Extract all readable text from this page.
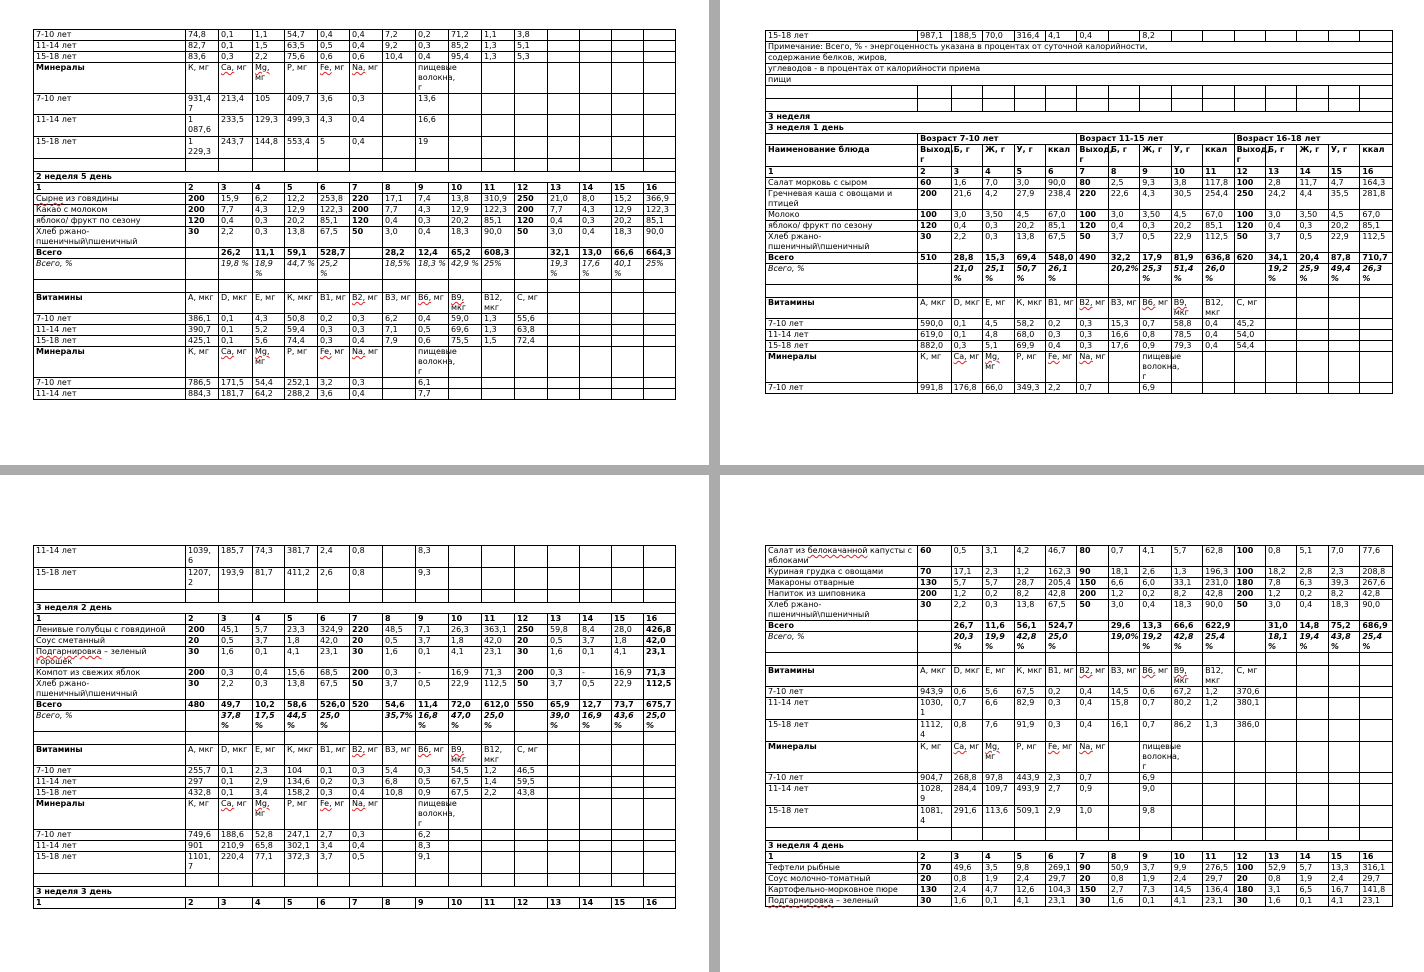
7-10 лет	74,8	0,1	1,1	54,7	0,4	0,4	7,2	0,2	71,2	1,1	3,8				
11-14 лет	82,7	0,1	1,5	63,5	0,5	0,4	9,2	0,3	85,2	1,3	5,1				
15-18 лет	83,6	0,3	2,2	75,6	0,6	0,6	10,4	0,4	95,4	1,3	5,3				
Минералы	К, мг	Са, мг	Mg, мг	Р, мг	Fe, мг	Na, мг		пищевые волокна, г							
7-10 лет	931,4 7	213,4	105	409,7	3,6	0,3		13,6							
11-14 лет	1 087,6	233,5	129,3	499,3	4,3	0,4		16,6							
15-18 лет	1 229,3	243,7	144,8	553,4	5	0,4		19							

2 неделя 5 день															
1	2	3	4	5	6	7	8	9	10	11	12	13	14	15	16
Сырне из говядины	200	15,9	6,2	12,2	253,8	220	17,1	7,4	13,8	310,9	250	21,0	8,0	15,2	366,9
Какао с молоком	200	7,7	4,3	12,9	122,3	200	7,7	4,3	12,9	122,3	200	7,7	4,3	12,9	122,3
яблоко/ фрукт по сезону	120	0,4	0,3	20,2	85,1	120	0,4	0,3	20,2	85,1	120	0,4	0,3	20,2	85,1
Хлеб ржано-пшеничный\пшеничный	30	2,2	0,3	13,8	67,5	50	3,0	0,4	18,3	90,0	50	3,0	0,4	18,3	90,0
Всего		26,2	11,1	59,1	528,7		28,2	12,4	65,2	608,3		32,1	13,0	66,6	664,3
Всего, %		19,8 %	18,9 %	44,7 %	25,2 %		18,5%	18,3 %	42,9 %	25%		19,3 %	17,6 %	40,1 %	25%

Витамины	А, мкг	D, мкг	Е, мг	К, мкг	В1, мг	В2, мг	В3, мг	В6, мг	В9, мкг	В12, мкг	С, мг				
7-10 лет	386,1	0,1	4,3	50,8	0,2	0,3	6,2	0,4	59,0	1,3	55,6				
11-14 лет	390,7	0,1	5,2	59,4	0,3	0,3	7,1	0,5	69,6	1,3	63,8				
15-18 лет	425,1	0,1	5,6	74,4	0,3	0,4	7,9	0,6	75,5	1,5	72,4				
Минералы	К, мг	Са, мг	Mg, мг	Р, мг	Fe, мг	Na, мг		пищевые волокна, г							
7-10 лет	786,5	171,5	54,4	252,1	3,2	0,3		6,1							
11-14 лет	884,3	181,7	64,2	288,2	3,6	0,4		7,7							
15-18 лет	987,1	188,5	70,0	316,4	4,1	0,4		8,2							
Примечание: Всего, % - энергоценность указана в процентах от суточной калорийности,															
содержание белков, жиров,															
углеводов - в процентах от калорийности приема															
пищи															

3 неделя															
3 неделя 1 день															
	Возраст 7-10 лет					Возраст 11-15 лет					Возраст 16-18 лет				
Наименование блюда	Выход, г	Б, г	Ж, г	У, г	ккал	Выход, г	Б, г	Ж, г	У, г	ккал	Выход, г	Б, г	Ж, г	У, г	ккал
1	2	3	4	5	6	7	8	9	10	11	12	13	14	15	16
Салат морковь с сыром	60	1,6	7,0	3,0	90,0	80	2,5	9,3	3,8	117,8	100	2,8	11,7	4,7	164,3
Гречневая каша с овощами и птицей	200	21,6	4,2	27,9	238,4	220	22,6	4,3	30,5	254,4	250	24,2	4,4	35,5	281,8
Молоко	100	3,0	3,50	4,5	67,0	100	3,0	3,50	4,5	67,0	100	3,0	3,50	4,5	67,0
яблоко/ фрукт по сезону	120	0,4	0,3	20,2	85,1	120	0,4	0,3	20,2	85,1	120	0,4	0,3	20,2	85,1
Хлеб ржано-пшеничный\пшеничный	30	2,2	0,3	13,8	67,5	50	3,7	0,5	22,9	112,5	50	3,7	0,5	22,9	112,5
Всего	510	28,8	15,3	69,4	548,0	490	32,2	17,9	81,9	636,8	620	34,1	20,4	87,8	710,7
Всего, %		21,0 %	25,1 %	50,7 %	26,1 %		20,2%	25,3 %	51,4 %	26,0 %		19,2 %	25,9 %	49,4 %	26,3 %

Витамины	А, мкг	D, мкг	Е, мг	К, мкг	В1, мг	В2, мг	В3, мг	В6, мг	В9, мкг	В12, мкг	С, мг				
7-10 лет	590,0	0,1	4,5	58,2	0,2	0,3	15,3	0,7	58,8	0,4	45,2				
11-14 лет	619,0	0,1	4,8	68,0	0,3	0,3	16,6	0,8	78,5	0,4	54,0				
15-18 лет	882,0	0,3	5,1	69,9	0,4	0,3	17,6	0,9	79,3	0,4	54,4				
Минералы	К, мг	Са, мг	Mg, мг	Р, мг	Fe, мг	Na, мг		пищевые волокна, г							
7-10 лет	991,8	176,8	66,0	349,3	2,2	0,7		6,9							
11-14 лет	1039, 6	185,7	74,3	381,7	2,4	0,8		8,3							
15-18 лет	1207, 2	193,9	81,7	411,2	2,6	0,8		9,3							

3 неделя 2 день															
1	2	3	4	5	6	7	8	9	10	11	12	13	14	15	16
Ленивые голубцы с говядиной	200	45,1	5,7	23,3	324,9	220	48,5	7,1	26,3	363,1	250	59,8	8,4	28,0	426,8
Соус сметанный	20	0,5	3,7	1,8	42,0	20	0,5	3,7	1,8	42,0	20	0,5	3,7	1,8	42,0
Подгарнировка – зеленый горошек	30	1,6	0,1	4,1	23,1	30	1,6	0,1	4,1	23,1	30	1,6	0,1	4,1	23,1
Компот из свежих яблок	200	0,3	0,4	15,6	68,5	200	0,3	-	16,9	71,3	200	0,3	-	16,9	71,3
Хлеб ржано-пшеничный\пшеничный	30	2,2	0,3	13,8	67,5	50	3,7	0,5	22,9	112,5	50	3,7	0,5	22,9	112,5
Всего	480	49,7	10,2	58,6	526,0	520	54,6	11,4	72,0	612,0	550	65,9	12,7	73,7	675,7
Всего, %		37,8 %	17,5 %	44,5 %	25,0 %		35,7%	16,8 %	47,0 %	25,0 %		39,0 %	16,9 %	43,6 %	25,0 %

Витамины	А, мкг	D, мкг	Е, мг	К, мкг	В1, мг	В2, мг	В3, мг	В6, мг	В9, мкг	В12, мкг	С, мг				
7-10 лет	255,7	0,1	2,3	104	0,1	0,3	5,4	0,3	54,5	1,2	46,5				
11-14 лет	297	0,1	2,9	134,6	0,2	0,3	6,8	0,5	67,5	1,4	59,5				
15-18 лет	432,8	0,1	3,4	158,2	0,3	0,4	10,8	0,9	67,5	2,2	43,8				
Минералы	К, мг	Са, мг	Mg, мг	Р, мг	Fe, мг	Na, мг		пищевые волокна, г							
7-10 лет	749,6	188,6	52,8	247,1	2,7	0,3		6,2							
11-14 лет	901	210,9	65,8	302,1	3,4	0,4		8,3							
15-18 лет	1101, 7	220,4	77,1	372,3	3,7	0,5		9,1							

3 неделя 3 день															
1	2	3	4	5	6	7	8	9	10	11	12	13	14	15	16
Салат из белокачанной капусты с яблоками	60	0,5	3,1	4,2	46,7	80	0,7	4,1	5,7	62,8	100	0,8	5,1	7,0	77,6
Куриная грудка с овощами	70	17,1	2,3	1,2	162,3	90	18,1	2,6	1,3	196,3	100	18,2	2,8	2,3	208,8
Макароны отварные	130	5,7	5,7	28,7	205,4	150	6,6	6,0	33,1	231,0	180	7,8	6,3	39,3	267,6
Напиток из шиповника	200	1,2	0,2	8,2	42,8	200	1,2	0,2	8,2	42,8	200	1,2	0,2	8,2	42,8
Хлеб ржано-пшеничный\пшеничный	30	2,2	0,3	13,8	67,5	50	3,0	0,4	18,3	90,0	50	3,0	0,4	18,3	90,0
Всего		26,7	11,6	56,1	524,7		29,6	13,3	66,6	622,9		31,0	14,8	75,2	686,9
Всего, %		20,3 %	19,9 %	42,8 %	25,0 %		19,0%	19,2 %	42,8 %	25,4 %		18,1 %	19,4 %	43,8 %	25,4 %

Витамины	А, мкг	D, мкг	Е, мг	К, мкг	В1, мг	В2, мг	В3, мг	В6, мг	В9, мкг	В12, мкг	С, мг				
7-10 лет	943,9	0,6	5,6	67,5	0,2	0,4	14,5	0,6	67,2	1,2	370,6				
11-14 лет	1030, 1	0,7	6,6	82,9	0,3	0,4	15,8	0,7	80,2	1,2	380,1				
15-18 лет	1112, 4	0,8	7,6	91,9	0,3	0,4	16,1	0,7	86,2	1,3	386,0				
Минералы	К, мг	Са, мг	Mg, мг	Р, мг	Fe, мг	Na, мг		пищевые волокна, г							
7-10 лет	904,7	268,8	97,8	443,9	2,3	0,7		6,9							
11-14 лет	1028, 9	284,4	109,7	493,9	2,7	0,9		9,0							
15-18 лет	1081, 4	291,6	113,6	509,1	2,9	1,0		9,8							

3 неделя 4 день															
1	2	3	4	5	6	7	8	9	10	11	12	13	14	15	16
Тефтели рыбные	70	49,6	3,5	9,8	269,1	90	50,9	3,7	9,9	276,5	100	52,9	5,7	13,3	316,1
Соус молочно-томатный	20	0,8	1,9	2,4	29,7	20	0,8	1,9	2,4	29,7	20	0,8	1,9	2,4	29,7
Картофельно-морковное пюре	130	2,4	4,7	12,6	104,3	150	2,7	7,3	14,5	136,4	180	3,1	6,5	16,7	141,8
Подгарнировка – зеленый	30	1,6	0,1	4,1	23,1	30	1,6	0,1	4,1	23,1	30	1,6	0,1	4,1	23,1
